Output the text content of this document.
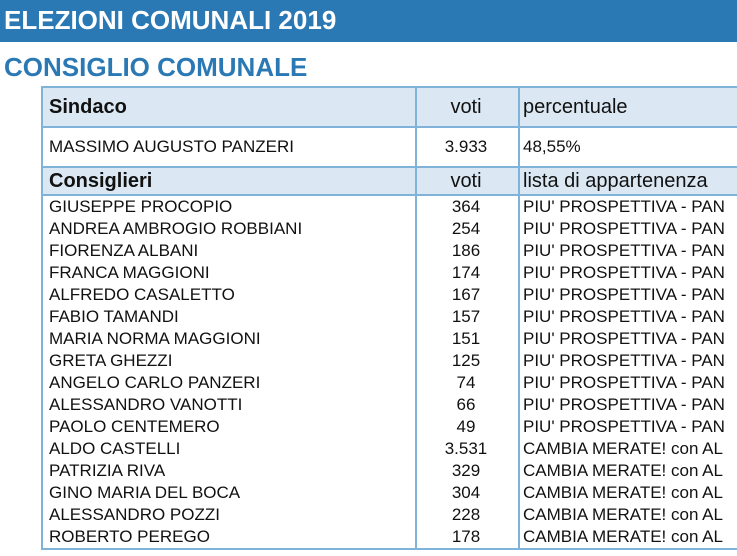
ELEZIONI COMUNALI 2019
CONSIGLIO COMUNALE
Sindaco	voti	percentuale
MASSIMO AUGUSTO PANZERI	3.933	48,55%
Consiglieri	voti	lista di appartenenza
GIUSEPPE PROCOPIO	364	PIU' PROSPETTIVA - PAN
ANDREA AMBROGIO ROBBIANI	254	PIU' PROSPETTIVA - PAN
FIORENZA ALBANI	186	PIU' PROSPETTIVA - PAN
FRANCA MAGGIONI	174	PIU' PROSPETTIVA - PAN
ALFREDO CASALETTO	167	PIU' PROSPETTIVA - PAN
FABIO TAMANDI	157	PIU' PROSPETTIVA - PAN
MARIA NORMA MAGGIONI	151	PIU' PROSPETTIVA - PAN
GRETA GHEZZI	125	PIU' PROSPETTIVA - PAN
ANGELO CARLO PANZERI	74	PIU' PROSPETTIVA - PAN
ALESSANDRO VANOTTI	66	PIU' PROSPETTIVA - PAN
PAOLO CENTEMERO	49	PIU' PROSPETTIVA - PAN
ALDO CASTELLI	3.531	CAMBIA MERATE! con AL
PATRIZIA RIVA	329	CAMBIA MERATE! con AL
GINO MARIA DEL BOCA	304	CAMBIA MERATE! con AL
ALESSANDRO POZZI	228	CAMBIA MERATE! con AL
ROBERTO PEREGO	178	CAMBIA MERATE! con AL
